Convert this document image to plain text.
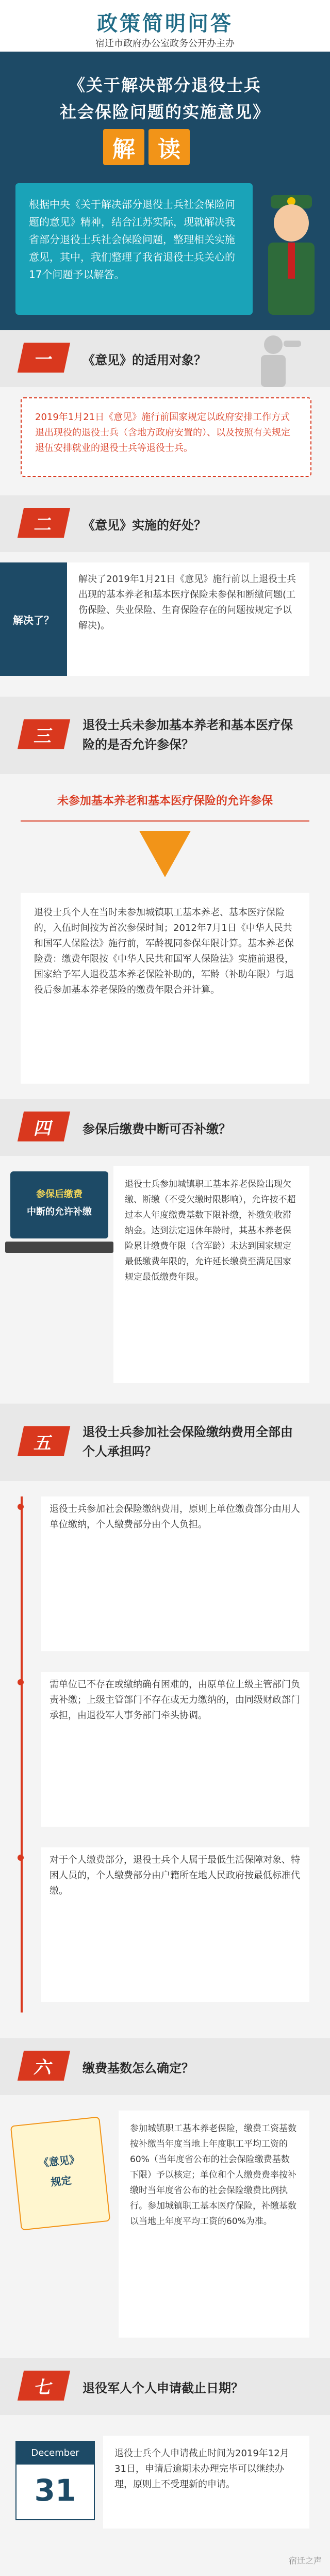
政策简明问答
宿迁市政府办公室政务公开办主办
《关于解决部分退役士兵
社会保险问题的实施意见》
解 读

根据中央《关于解决部分退役士兵社会保险问题的意见》精神，结合江苏实际，现就解决我省部分退役士兵社会保险问题，整理相关实施意见，其中，我们整理了我省退役士兵关心的17个问题予以解答。

一	《意见》的适用对象？

2019年1月21日《意见》施行前国家规定以政府安排工作方式退出现役的退役士兵（含地方政府安置的）、以及按照有关规定退伍安排就业的退役士兵等退役士兵。

二	《意见》实施的好处？
解决了？

解决了2019年1月21日《意见》施行前以上退役士兵出现的基本养老和基本医疗保险未参保和断缴问题(工伤保险、失业保险、生育保险存在的问题按规定予以解决)。

三
退役士兵未参加基本养老和基本医疗保险的是否允许参保？
未参加基本养老和基本医疗保险的允许参保

退役士兵个人在当时未参加城镇职工基本养老、基本医疗保险的，入伍时间按为首次参保时间；2012年7月1日《中华人民共和国军人保险法》施行前，军龄视同参保年限计算。基本养老保险费：缴费年限按《中华人民共和国军人保险法》实施前退役，国家给予军人退役基本养老保险补助的，军龄（补助年限）与退役后参加基本养老保险的缴费年限合并计算。

四	参保后缴费中断可否补缴？
参保后缴费
中断的允许补缴

退役士兵参加城镇职工基本养老保险出现欠缴、断缴（不受欠缴时限影响），允许按不超过本人年度缴费基数下限补缴，补缴免收滞纳金。达到法定退休年龄时，其基本养老保险累计缴费年限（含军龄）未达到国家规定最低缴费年限的，允许延长缴费至满足国家规定最低缴费年限。

五
退役士兵参加社会保险缴纳费用全部由个人承担吗？

退役士兵参加社会保险缴纳费用，原则上单位缴费部分由用人单位缴纳，个人缴费部分由个人负担。

需单位已不存在或缴纳确有困难的，由原单位上级主管部门负责补缴；上级主管部门不存在或无力缴纳的，由同级财政部门承担，由退役军人事务部门牵头协调。

对于个人缴费部分，退役士兵个人属于最低生活保障对象、特困人员的，个人缴费部分由户籍所在地人民政府按最低标准代缴。

六	缴费基数怎么确定？
《意见》
规定

参加城镇职工基本养老保险，缴费工资基数按补缴当年度当地上年度职工平均工资的60%（当年度省公布的社会保险缴费基数下限）予以核定；单位和个人缴费费率按补缴时当年度省公布的社会保险缴费比例执行。参加城镇职工基本医疗保险，补缴基数以当地上年度平均工资的60%为准。

七	退役军人个人申请截止日期？
December
31

退役士兵个人申请截止时间为2019年12月31日，申请后逾期未办理完毕可以继续办理，原则上不受理新的申请。

宿迁之声
